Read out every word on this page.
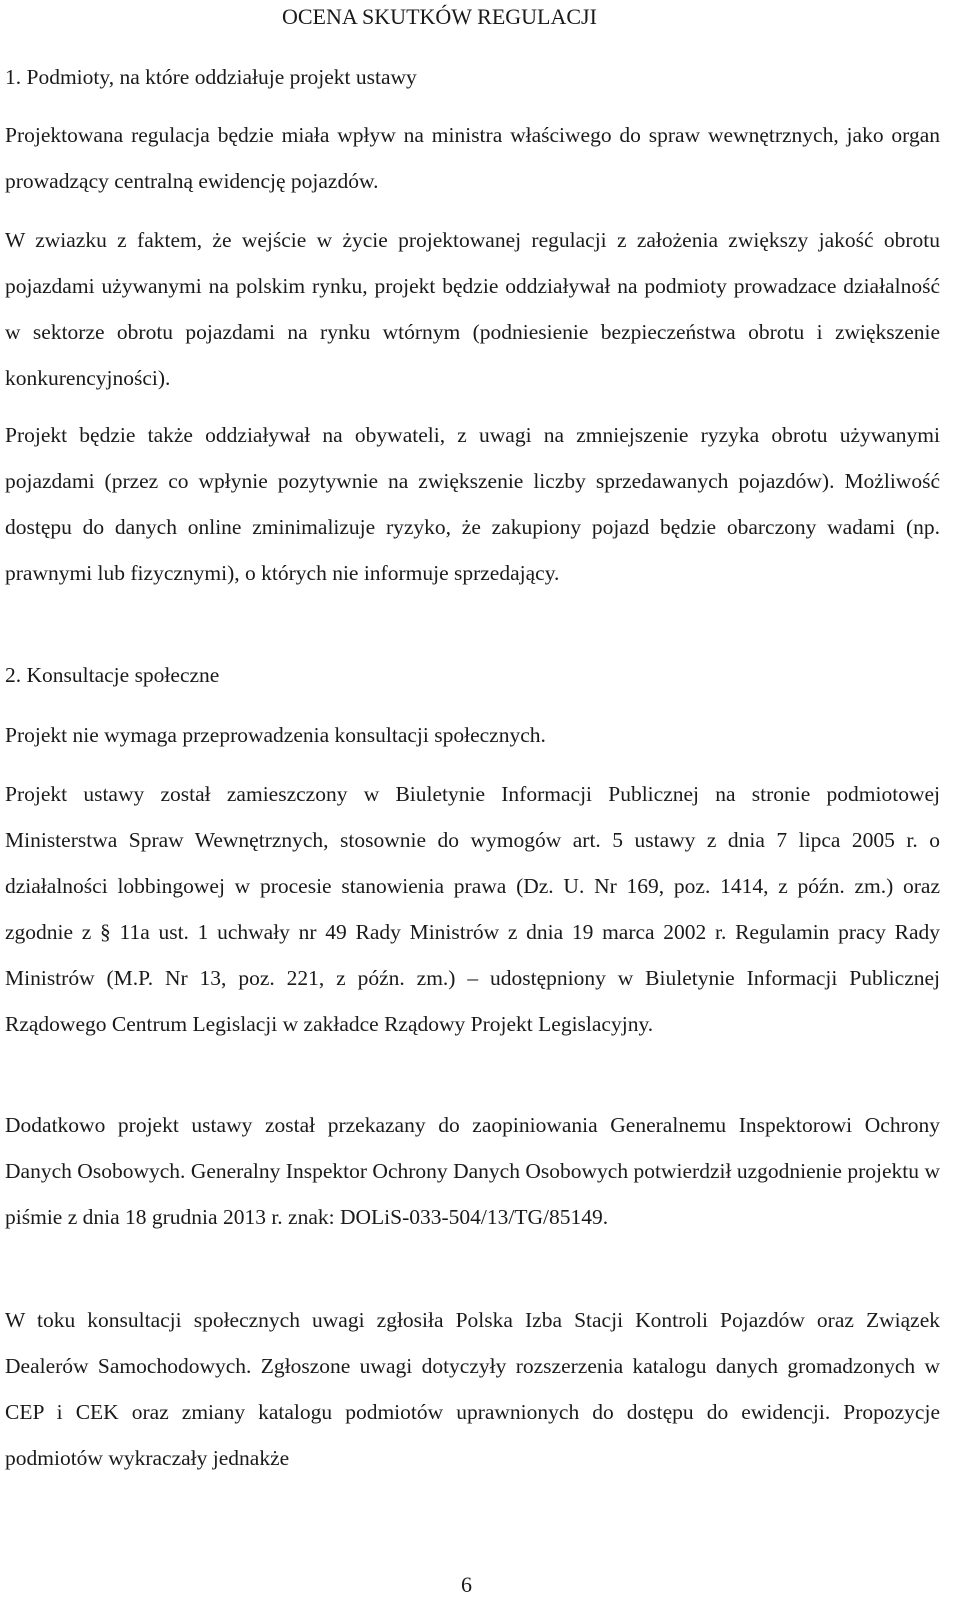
OCENA SKUTKÓW REGULACJI
1. Podmioty, na które oddziałuje projekt ustawy

Projektowana regulacja będzie miała wpływ na ministra właściwego do spraw wewnętrznych, jako organ prowadzący centralną ewidencję pojazdów.

W zwiazku z faktem, że wejście w życie projektowanej regulacji z założenia zwiększy jakość obrotu pojazdami używanymi na polskim rynku, projekt będzie oddziaływał na podmioty prowadzace działalność w sektorze obrotu pojazdami na rynku wtórnym (podniesienie bezpieczeństwa obrotu i zwiększenie konkurencyjności).

Projekt będzie także oddziaływał na obywateli, z uwagi na zmniejszenie ryzyka obrotu używanymi pojazdami (przez co wpłynie pozytywnie na zwiększenie liczby sprzedawanych pojazdów). Możliwość dostępu do danych online zminimalizuje ryzyko, że zakupiony pojazd będzie obarczony wadami (np. prawnymi lub fizycznymi), o których nie informuje sprzedający.

2. Konsultacje społeczne

Projekt nie wymaga przeprowadzenia konsultacji społecznych.

Projekt ustawy został zamieszczony w Biuletynie Informacji Publicznej na stronie podmiotowej Ministerstwa Spraw Wewnętrznych, stosownie do wymogów art. 5 ustawy z dnia 7 lipca 2005 r. o działalności lobbingowej w procesie stanowienia prawa (Dz. U. Nr 169, poz. 1414, z późn. zm.) oraz zgodnie z § 11a ust. 1 uchwały nr 49 Rady Ministrów z dnia 19 marca 2002 r. Regulamin pracy Rady Ministrów (M.P. Nr 13, poz. 221, z późn. zm.) – udostępniony w Biuletynie Informacji Publicznej Rządowego Centrum Legislacji w zakładce Rządowy Projekt Legislacyjny.

Dodatkowo projekt ustawy został przekazany do zaopiniowania Generalnemu Inspektorowi Ochrony Danych Osobowych. Generalny Inspektor Ochrony Danych Osobowych potwierdził uzgodnienie projektu w piśmie z dnia 18 grudnia 2013 r. znak: DOLiS-033-504/13/TG/85149.

W toku konsultacji społecznych uwagi zgłosiła Polska Izba Stacji Kontroli Pojazdów oraz Związek Dealerów Samochodowych. Zgłoszone uwagi dotyczyły rozszerzenia katalogu danych gromadzonych w CEP i CEK oraz zmiany katalogu podmiotów uprawnionych do dostępu do ewidencji. Propozycje podmiotów wykraczały jednakże

6
